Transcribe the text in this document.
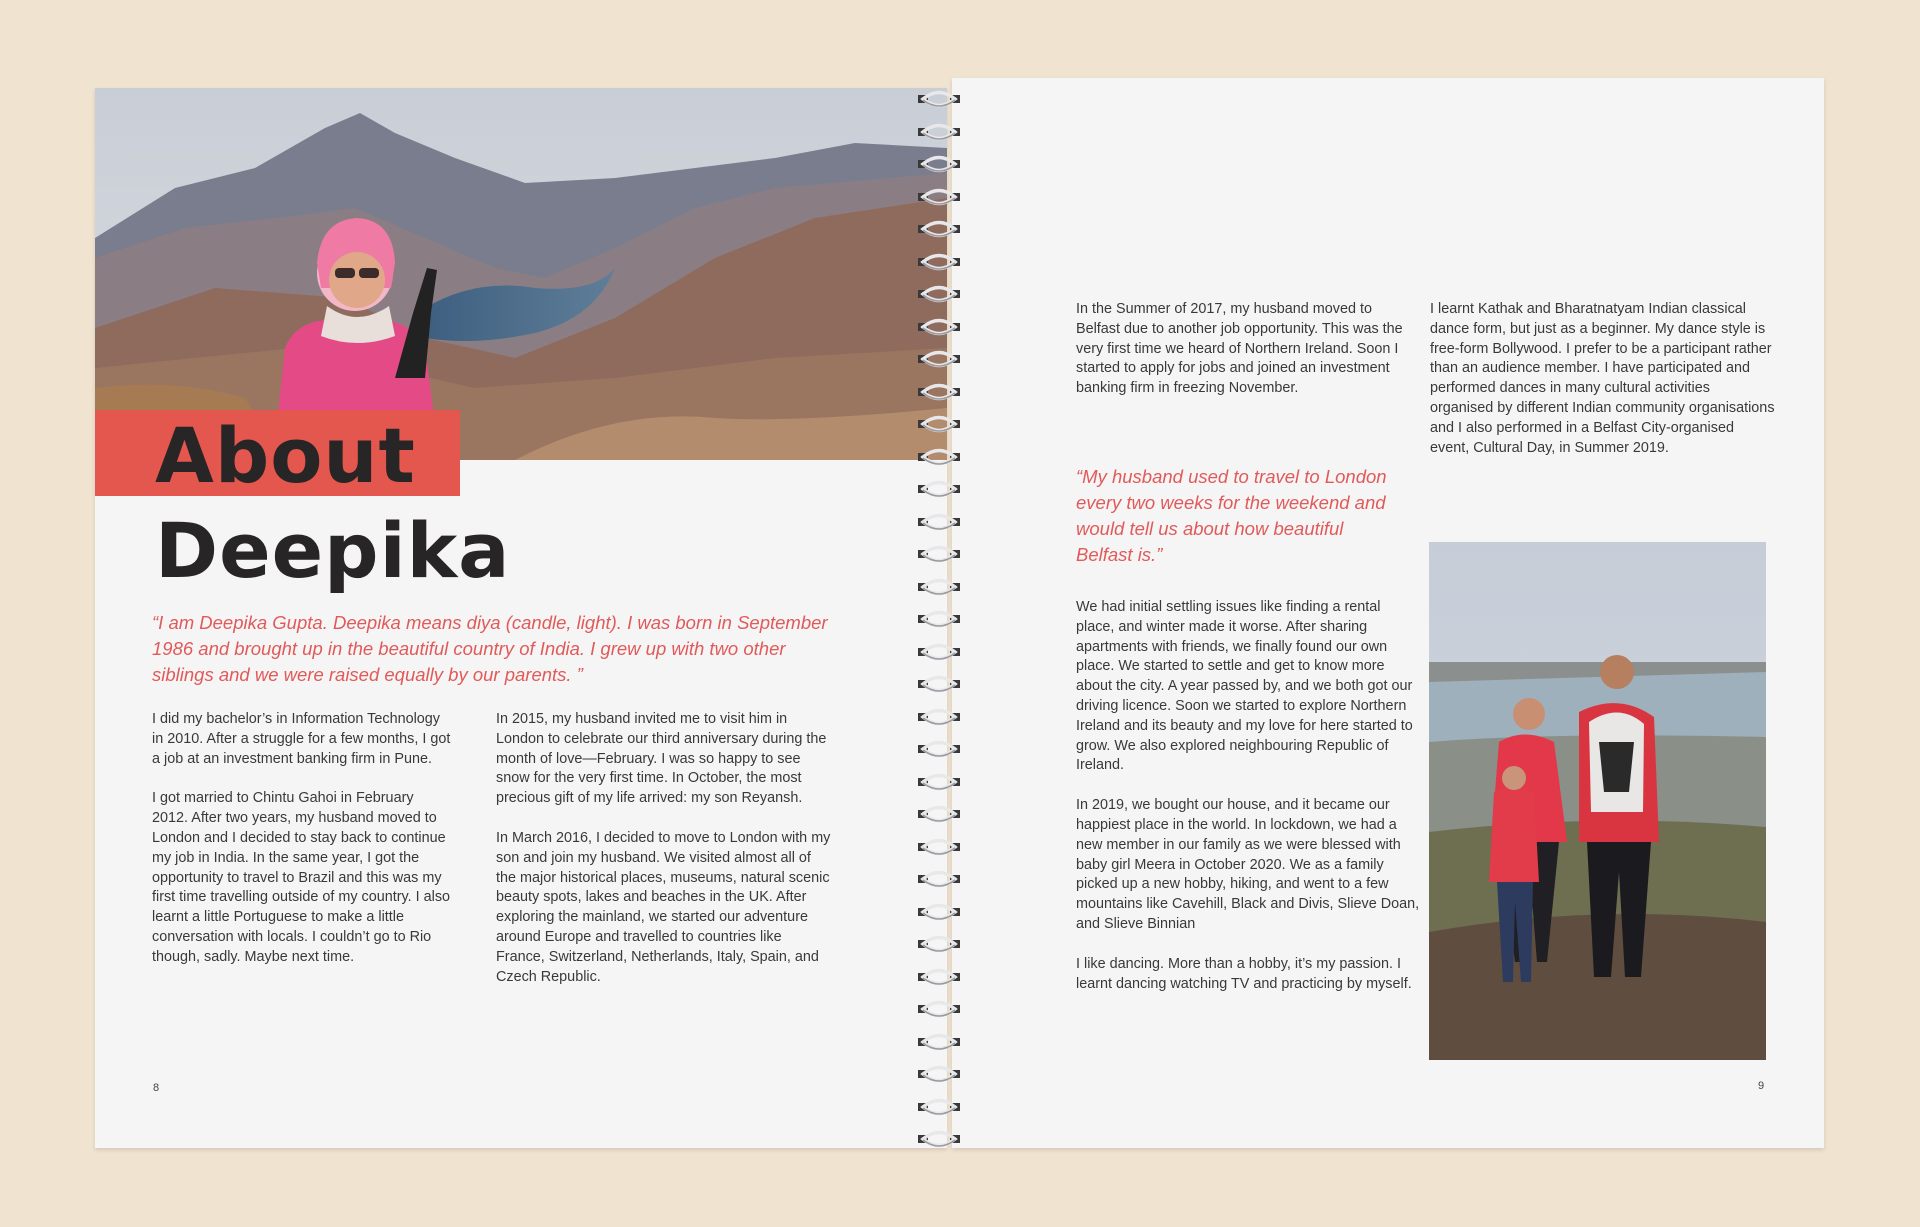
About
Deepika

“I am Deepika Gupta. Deepika means diya (candle, light). I was born in September 1986 and brought up in the beautiful country of India. I grew up with two other siblings and we were raised equally by our parents. ”

I did my bachelor’s in Information Technology in 2010. After a struggle for a few months, I got a job at an investment banking firm in Pune.

I got married to Chintu Gahoi in February 2012. After two years, my husband moved to London and I decided to stay back to continue my job in India. In the same year, I got the opportunity to travel to Brazil and this was my first time travelling outside of my country. I also learnt a little Portuguese to make a little conversation with locals. I couldn’t go to Rio though, sadly. Maybe next time.

In 2015, my husband invited me to visit him in London to celebrate our third anniversary during the month of love—February. I was so happy to see snow for the very first time. In October, the most precious gift of my life arrived: my son Reyansh.

In March 2016, I decided to move to London with my son and join my husband. We visited almost all of the major historical places, museums, natural scenic beauty spots, lakes and beaches in the UK. After exploring the mainland, we started our adventure around Europe and travelled to countries like France, Switzerland, Netherlands, Italy, Spain, and Czech Republic.

8

In the Summer of 2017, my husband moved to Belfast due to another job opportunity. This was the very first time we heard of Northern Ireland. Soon I started to apply for jobs and joined an investment banking firm in freezing November.

“My husband used to travel to London every two weeks for the weekend and would tell us about how beautiful Belfast is.”

We had initial settling issues like finding a rental place, and winter made it worse. After sharing apartments with friends, we finally found our own place. We started to settle and get to know more about the city. A year passed by, and we both got our driving licence. Soon we started to explore Northern Ireland and its beauty and my love for here started to grow. We also explored neighbouring Republic of Ireland.

In 2019, we bought our house, and it became our happiest place in the world. In lockdown, we had a new member in our family as we were blessed with baby girl Meera in October 2020. We as a family picked up a new hobby, hiking, and went to a few mountains like Cavehill, Black and Divis, Slieve Doan, and Slieve Binnian

I like dancing. More than a hobby, it’s my passion. I learnt dancing watching TV and practicing by myself.

I learnt Kathak and Bharatnatyam Indian classical dance form, but just as a beginner. My dance style is free-form Bollywood. I prefer to be a participant rather than an audience member. I have participated and performed dances in many cultural activities organised by different Indian community organisations and I also performed in a Belfast City-organised event, Cultural Day, in Summer 2019.

9
